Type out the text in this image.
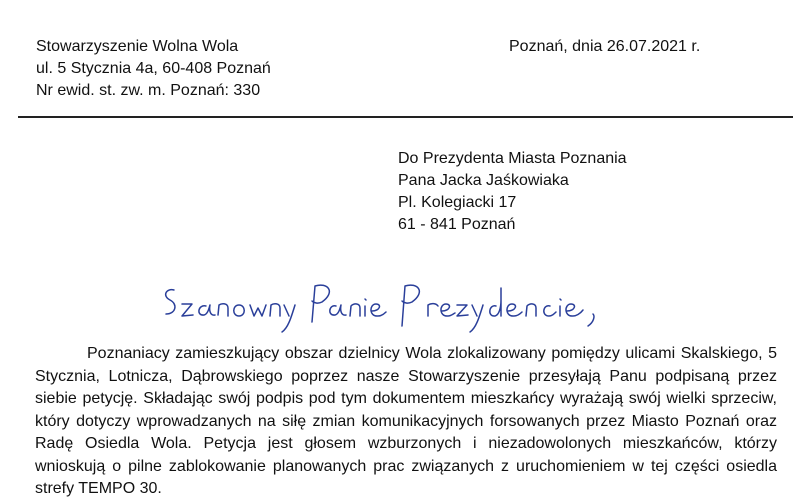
Stowarzyszenie Wolna Wola
ul. 5 Stycznia 4a, 60-408 Poznań
Nr ewid. st. zw. m. Poznań: 330
Poznań, dnia 26.07.2021 r.
Do Prezydenta Miasta Poznania
Pana Jacka Jaśkowiaka
Pl. Kolegiacki 17
61 - 841 Poznań

Poznaniacy zamieszkujący obszar dzielnicy Wola zlokalizowany pomiędzy ulicami Skalskiego, 5 Stycznia, Lotnicza, Dąbrowskiego poprzez nasze Stowarzyszenie przesyłają Panu podpisaną przez siebie petycję. Składając swój podpis pod tym dokumentem mieszkańcy wyrażają swój wielki sprzeciw, który dotyczy wprowadzanych na siłę zmian komunikacyjnych forsowanych przez Miasto Poznań oraz Radę Osiedla Wola. Petycja jest głosem wzburzonych i niezadowolonych mieszkańców, którzy wnioskują o pilne zablokowanie planowanych prac związanych z uruchomieniem w tej części osiedla strefy TEMPO 30.
